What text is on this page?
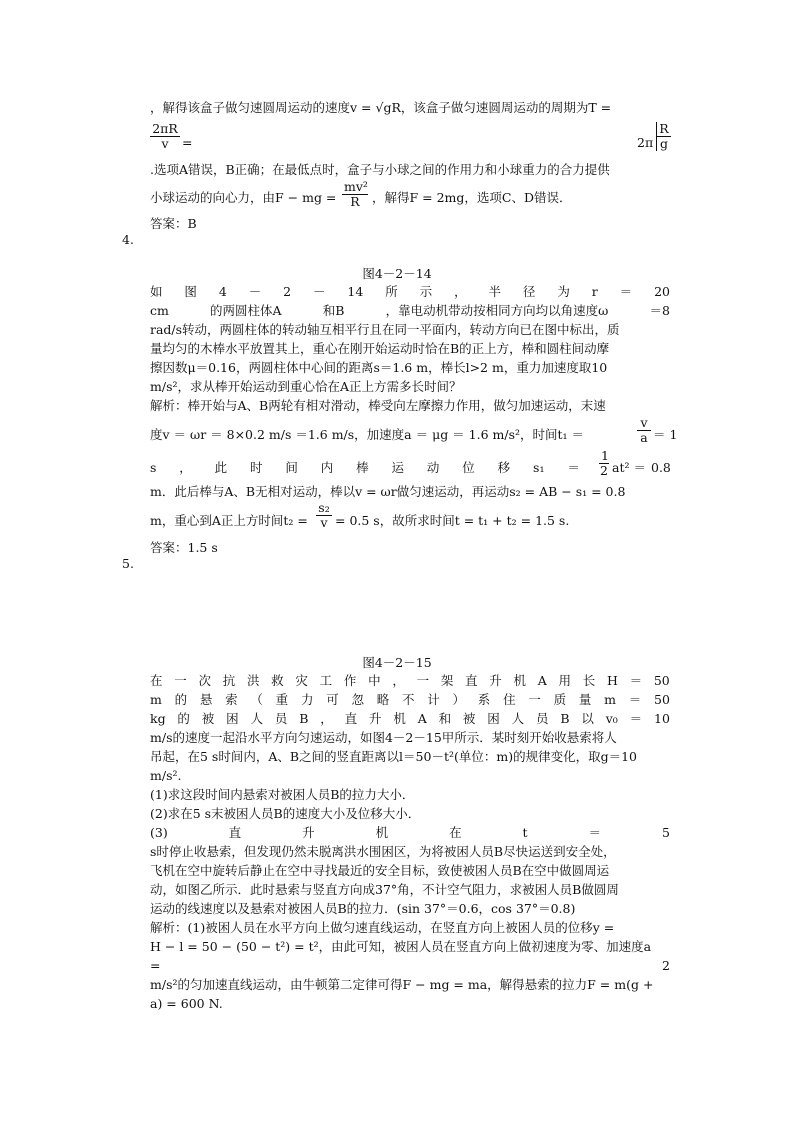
，解得该盒子做匀速圆周运动的速度v = √gR，该盒子做匀速圆周运动的周期为T =
$\frac{2\pi R}{v}$ =	$2\pi \frac{R}{g}$
.选项A错误，B正确；在最低点时，盒子与小球之间的作用力和小球重力的合力提供
小球运动的向心力，由F − mg = $\frac{\text{mv²}}{R}$ ，解得F = 2mg，选项C、D错误．
答案：B
4.
图4－2－14
如 图 4 － 2 － 14 所 示 ， 半 径 为 r ＝ 20
cm	的两圆柱体A	和B	，靠电动机带动按相同方向均以角速度ω	＝8
rad/s转动，两圆柱体的转动轴互相平行且在同一平面内，转动方向已在图中标出，质
量均匀的木棒水平放置其上，重心在刚开始运动时恰在B的正上方，棒和圆柱间动摩
擦因数μ＝0.16，两圆柱体中心间的距离s＝1.6 m，棒长l>2 m，重力加速度取10
m/s²，求从棒开始运动到重心恰在A正上方需多长时间？
解析：棒开始与A、B两轮有相对滑动，棒受向左摩擦力作用，做匀加速运动，末速
度v ＝ ωr ＝ 8×0.2 m/s ＝1.6 m/s，加速度a ＝ μg ＝ 1.6 m/s²，时间t₁ ＝	$\frac{v}{a} = 1$
s ， 此 时 间 内 棒 运 动 位 移 $s_1 = \frac{1}{2} at^2 = 0.8$
m．此后棒与A、B无相对运动，棒以v = ωr做匀速运动，再运动s₂ = AB − s₁ = 0.8
m，重心到A正上方时间$t_2 = \frac{\text{s₂}}{v} = 0.5$ s，故所求时间t = t₁ + t₂ = 1.5 s.
答案：1.5 s
5.
图4－2－15
在 一 次 抗 洪 救 灾 工 作 中 ， 一 架 直 升 机 A 用 长 H ＝ 50
m 的 悬 索 （ 重 力 可 忽 略 不 计 ） 系 住 一 质 量 m ＝ 50
kg 的 被 困 人 员 B ， 直 升 机 A 和 被 困 人 员 B 以 v₀ ＝ 10
m/s的速度一起沿水平方向匀速运动，如图4－2－15甲所示．某时刻开始收悬索将人
吊起，在5 s时间内，A、B之间的竖直距离以l＝50－t²(单位：m)的规律变化，取g＝10
m/s².
(1)求这段时间内悬索对被困人员B的拉力大小．
(2)求在5 s末被困人员B的速度大小及位移大小．
(3)	直	升	机	在	t	＝	5
s时停止收悬索，但发现仍然未脱离洪水围困区，为将被困人员B尽快运送到安全处，
飞机在空中旋转后静止在空中寻找最近的安全目标，致使被困人员B在空中做圆周运
动，如图乙所示．此时悬索与竖直方向成37°角，不计空气阻力，求被困人员B做圆周
运动的线速度以及悬索对被困人员B的拉力．(sin 37°＝0.6，cos 37°＝0.8)
解析：(1)被困人员在水平方向上做匀速直线运动，在竖直方向上被困人员的位移y =
H − l = 50 − (50 − t²) = t²，由此可知，被困人员在竖直方向上做初速度为零、加速度a
=	2
m/s²的匀加速直线运动，由牛顿第二定律可得F − mg = ma，解得悬索的拉力F = m(g +
a) = 600 N.
